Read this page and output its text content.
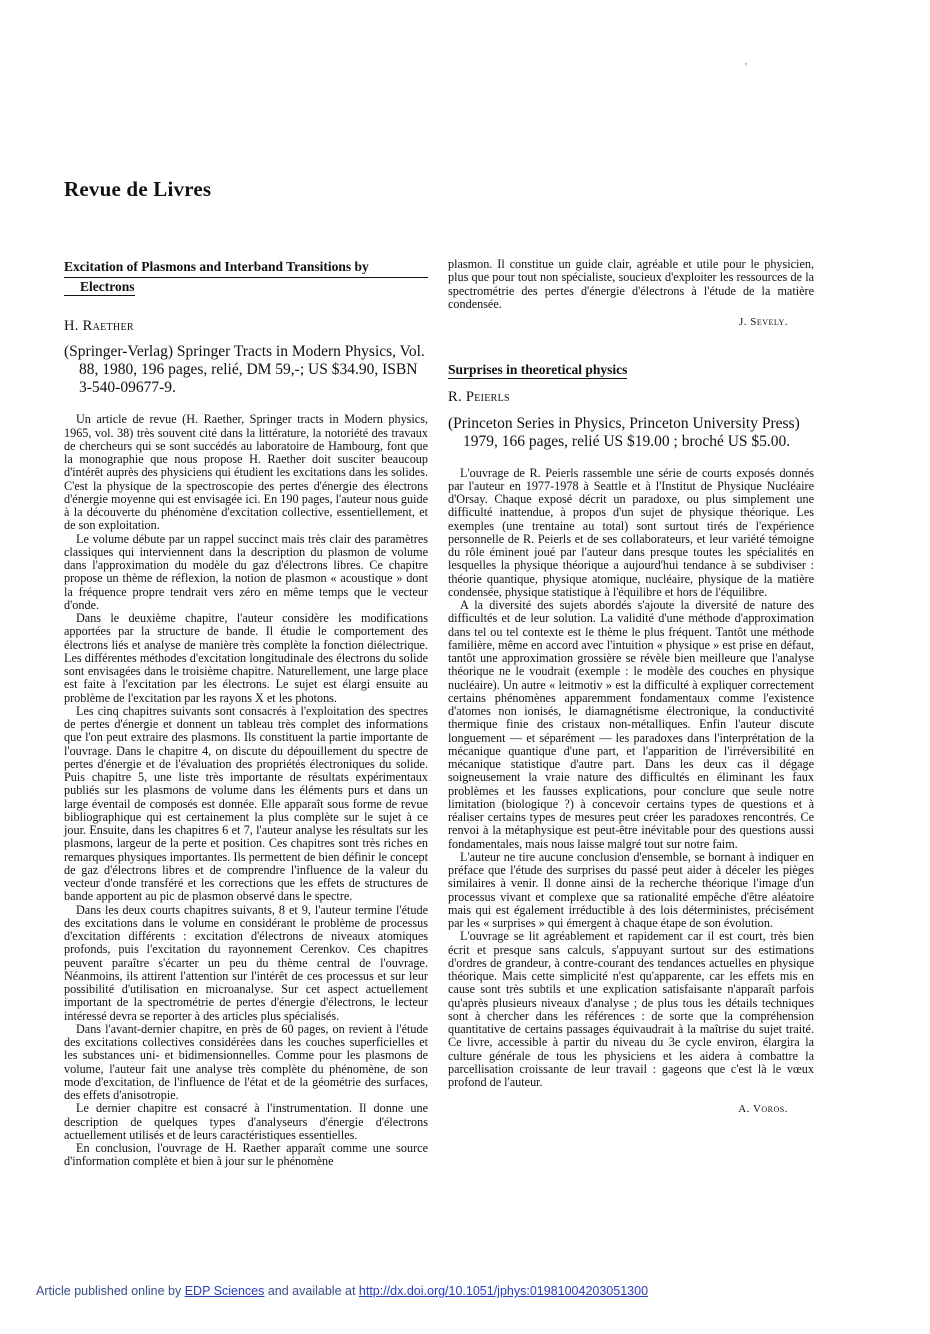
'
Revue de Livres
Excitation of Plasmons and Interband Transitions by
Electrons
H. Raether
(Springer-Verlag) Springer Tracts in Modern Physics, Vol. 88, 1980, 196 pages, relié, DM 59,-; US $34.90, ISBN 3-540-09677-9.

Un article de revue (H. Raether, Springer tracts in Modern physics, 1965, vol. 38) très souvent cité dans la littérature, la notoriété des travaux de chercheurs qui se sont succédés au laboratoire de Hambourg, font que la monographie que nous propose H. Raether doit susciter beaucoup d'intérêt auprès des physiciens qui étudient les excitations dans les solides. C'est la physique de la spectroscopie des pertes d'énergie des électrons d'énergie moyenne qui est envisagée ici. En 190 pages, l'auteur nous guide à la découverte du phénomène d'excitation collective, essentiellement, et de son exploitation.

Le volume débute par un rappel succinct mais très clair des paramètres classiques qui interviennent dans la description du plasmon de volume dans l'approximation du modèle du gaz d'électrons libres. Ce chapitre propose un thème de réflexion, la notion de plasmon « acoustique » dont la fréquence propre tendrait vers zéro en même temps que le vecteur d'onde.

Dans le deuxième chapitre, l'auteur considère les modifications apportées par la structure de bande. Il étudie le comportement des électrons liés et analyse de manière très complète la fonction diélectrique. Les différentes méthodes d'excitation longitudinale des électrons du solide sont envisagées dans le troisième chapitre. Naturellement, une large place est faite à l'excitation par les électrons. Le sujet est élargi ensuite au problème de l'excitation par les rayons X et les photons.

Les cinq chapitres suivants sont consacrés à l'exploitation des spectres de pertes d'énergie et donnent un tableau très complet des informations que l'on peut extraire des plasmons. Ils constituent la partie importante de l'ouvrage. Dans le chapitre 4, on discute du dépouillement du spectre de pertes d'énergie et de l'évaluation des propriétés électroniques du solide. Puis chapitre 5, une liste très importante de résultats expérimentaux publiés sur les plasmons de volume dans les éléments purs et dans un large éventail de composés est donnée. Elle apparaît sous forme de revue bibliographique qui est certainement la plus complète sur le sujet à ce jour. Ensuite, dans les chapitres 6 et 7, l'auteur analyse les résultats sur les plasmons, largeur de la perte et position. Ces chapitres sont très riches en remarques physiques importantes. Ils permettent de bien définir le concept de gaz d'électrons libres et de comprendre l'influence de la valeur du vecteur d'onde transféré et les corrections que les effets de structures de bande apportent au pic de plasmon observé dans le spectre.

Dans les deux courts chapitres suivants, 8 et 9, l'auteur termine l'étude des excitations dans le volume en considérant le problème de processus d'excitation différents : excitation d'électrons de niveaux atomiques profonds, puis l'excitation du rayonnement Cerenkov. Ces chapitres peuvent paraître s'écarter un peu du thème central de l'ouvrage. Néanmoins, ils attirent l'attention sur l'intérêt de ces processus et sur leur possibilité d'utilisation en microanalyse. Sur cet aspect actuellement important de la spectrométrie de pertes d'énergie d'électrons, le lecteur intéressé devra se reporter à des articles plus spécialisés.

Dans l'avant-dernier chapitre, en près de 60 pages, on revient à l'étude des excitations collectives considérées dans les couches superficielles et les substances uni- et bidimensionnelles. Comme pour les plasmons de volume, l'auteur fait une analyse très complète du phénomène, de son mode d'excitation, de l'influence de l'état et de la géométrie des surfaces, des effets d'anisotropie.

Le dernier chapitre est consacré à l'instrumentation. Il donne une description de quelques types d'analyseurs d'énergie d'électrons actuellement utilisés et de leurs caractéristiques essentielles.

En conclusion, l'ouvrage de H. Raether apparaît comme une source d'information complète et bien à jour sur le phénomène

plasmon. Il constitue un guide clair, agréable et utile pour le physicien, plus que pour tout non spécialiste, soucieux d'exploiter les ressources de la spectrométrie des pertes d'énergie d'électrons à l'étude de la matière condensée.
J. Sevely.
Surprises in theoretical physics
R. Peierls
(Princeton Series in Physics, Princeton University Press) 1979, 166 pages, relié US $19.00 ; broché US $5.00.

L'ouvrage de R. Peierls rassemble une série de courts exposés donnés par l'auteur en 1977-1978 à Seattle et à l'Institut de Physique Nucléaire d'Orsay. Chaque exposé décrit un paradoxe, ou plus simplement une difficulté inattendue, à propos d'un sujet de physique théorique. Les exemples (une trentaine au total) sont surtout tirés de l'expérience personnelle de R. Peierls et de ses collaborateurs, et leur variété témoigne du rôle éminent joué par l'auteur dans presque toutes les spécialités en lesquelles la physique théorique a aujourd'hui tendance à se subdiviser : théorie quantique, physique atomique, nucléaire, physique de la matière condensée, physique statistique à l'équilibre et hors de l'équilibre.

A la diversité des sujets abordés s'ajoute la diversité de nature des difficultés et de leur solution. La validité d'une méthode d'approximation dans tel ou tel contexte est le thème le plus fréquent. Tantôt une méthode familière, même en accord avec l'intuition « physique » est prise en défaut, tantôt une approximation grossière se révèle bien meilleure que l'analyse théorique ne le voudrait (exemple : le modèle des couches en physique nucléaire). Un autre « leitmotiv » est la difficulté à expliquer correctement certains phénomènes apparemment fondamentaux comme l'existence d'atomes non ionisés, le diamagnétisme électronique, la conductivité thermique finie des cristaux non-métalliques. Enfin l'auteur discute longuement — et séparément — les paradoxes dans l'interprétation de la mécanique quantique d'une part, et l'apparition de l'irréversibilité en mécanique statistique d'autre part. Dans les deux cas il dégage soigneusement la vraie nature des difficultés en éliminant les faux problèmes et les fausses explications, pour conclure que seule notre limitation (biologique ?) à concevoir certains types de questions et à réaliser certains types de mesures peut créer les paradoxes rencontrés. Ce renvoi à la métaphysique est peut-être inévitable pour des questions aussi fondamentales, mais nous laisse malgré tout sur notre faim.

L'auteur ne tire aucune conclusion d'ensemble, se bornant à indiquer en préface que l'étude des surprises du passé peut aider à déceler les pièges similaires à venir. Il donne ainsi de la recherche théorique l'image d'un processus vivant et complexe que sa rationalité empêche d'être aléatoire mais qui est également irréductible à des lois déterministes, précisément par les « surprises » qui émergent à chaque étape de son évolution.

L'ouvrage se lit agréablement et rapidement car il est court, très bien écrit et presque sans calculs, s'appuyant surtout sur des estimations d'ordres de grandeur, à contre-courant des tendances actuelles en physique théorique. Mais cette simplicité n'est qu'apparente, car les effets mis en cause sont très subtils et une explication satisfaisante n'apparaît parfois qu'après plusieurs niveaux d'analyse ; de plus tous les détails techniques sont à chercher dans les références : de sorte que la compréhension quantitative de certains passages équivaudrait à la maîtrise du sujet traité. Ce livre, accessible à partir du niveau du 3e cycle environ, élargira la culture générale de tous les physiciens et les aidera à combattre la parcellisation croissante de leur travail : gageons que c'est là le vœux profond de l'auteur.

A. Voros.
Article published online by EDP Sciences and available at http://dx.doi.org/10.1051/jphys:01981004203051300
